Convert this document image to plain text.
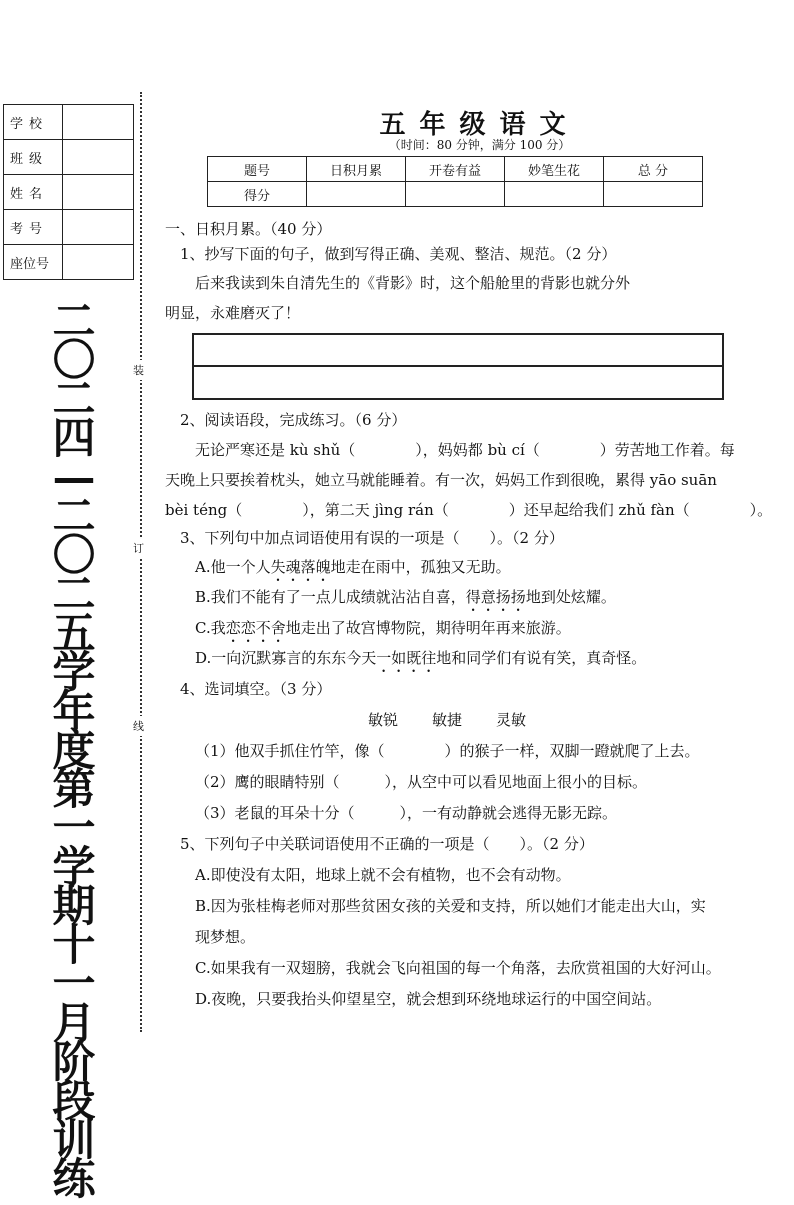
学校	
班级	
姓名	
考号	
座位号	
二
〇
二
四
—
二
〇
二
五
学
年
度
第
一
学
期
十
一
月
阶
段
训
练
装
订
线
五年级语文
（时间：80 分钟，满分 100 分）
题号	日积月累	开卷有益	妙笔生花	总 分
得分				
一、日积月累。（40 分）
1、抄写下面的句子，做到写得正确、美观、整洁、规范。（2 分）
后来我读到朱自清先生的《背影》时，这个船舱里的背影也就分外
明显，永难磨灭了！
2、阅读语段，完成练习。（6 分）
无论严寒还是 kù shǔ（　　　　），妈妈都 bù cí（　　　　）劳苦地工作着。每
天晚上只要挨着枕头，她立马就能睡着。有一次，妈妈工作到很晚，累得 yāo suān
bèi téng（　　　　），第二天 jìng rán（　　　　）还早起给我们 zhǔ fàn（　　　　）。
3、下列句中加点词语使用有误的一项是（　　）。（2 分）
A.他一个人失魂落魄地走在雨中，孤独又无助。
B.我们不能有了一点儿成绩就沾沾自喜，得意扬扬地到处炫耀。
C.我恋恋不舍地走出了故宫博物院，期待明年再来旅游。
D.一向沉默寡言的东东今天一如既往地和同学们有说有笑，真奇怪。
4、选词填空。（3 分）
敏锐 敏捷 灵敏
（1）他双手抓住竹竿，像（　　　　）的猴子一样，双脚一蹬就爬了上去。
（2）鹰的眼睛特别（　　　），从空中可以看见地面上很小的目标。
（3）老鼠的耳朵十分（　　　），一有动静就会逃得无影无踪。
5、下列句子中关联词语使用不正确的一项是（　　）。（2 分）
A.即使没有太阳，地球上就不会有植物，也不会有动物。
B.因为张桂梅老师对那些贫困女孩的关爱和支持，所以她们才能走出大山，实
现梦想。
C.如果我有一双翅膀，我就会飞向祖国的每一个角落，去欣赏祖国的大好河山。
D.夜晚，只要我抬头仰望星空，就会想到环绕地球运行的中国空间站。
